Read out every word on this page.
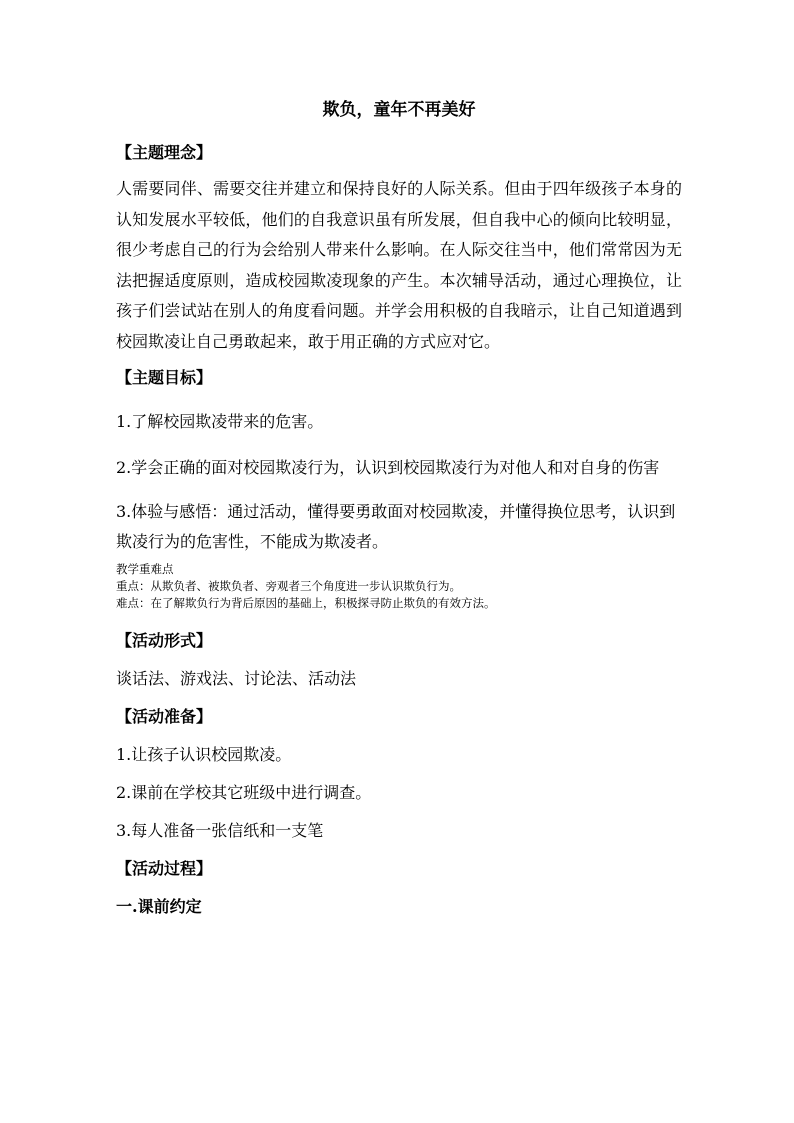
欺负，童年不再美好
【主题理念】
人需要同伴、需要交往并建立和保持良好的人际关系。但由于四年级孩子本身的认知发展水平较低，他们的自我意识虽有所发展，但自我中心的倾向比较明显，很少考虑自己的行为会给别人带来什么影响。在人际交往当中，他们常常因为无法把握适度原则，造成校园欺凌现象的产生。本次辅导活动，通过心理换位，让孩子们尝试站在别人的角度看问题。并学会用积极的自我暗示，让自己知道遇到校园欺凌让自己勇敢起来，敢于用正确的方式应对它。
【主题目标】
1.了解校园欺凌带来的危害。
2.学会正确的面对校园欺凌行为，认识到校园欺凌行为对他人和对自身的伤害
3.体验与感悟：通过活动，懂得要勇敢面对校园欺凌，并懂得换位思考，认识到欺凌行为的危害性，不能成为欺凌者。
教学重难点
重点：从欺负者、被欺负者、旁观者三个角度进一步认识欺负行为。
难点：在了解欺负行为背后原因的基础上，积极探寻防止欺负的有效方法。
【活动形式】
谈话法、游戏法、讨论法、活动法
【活动准备】
1.让孩子认识校园欺凌。
2.课前在学校其它班级中进行调查。
3.每人准备一张信纸和一支笔
【活动过程】
一.课前约定
